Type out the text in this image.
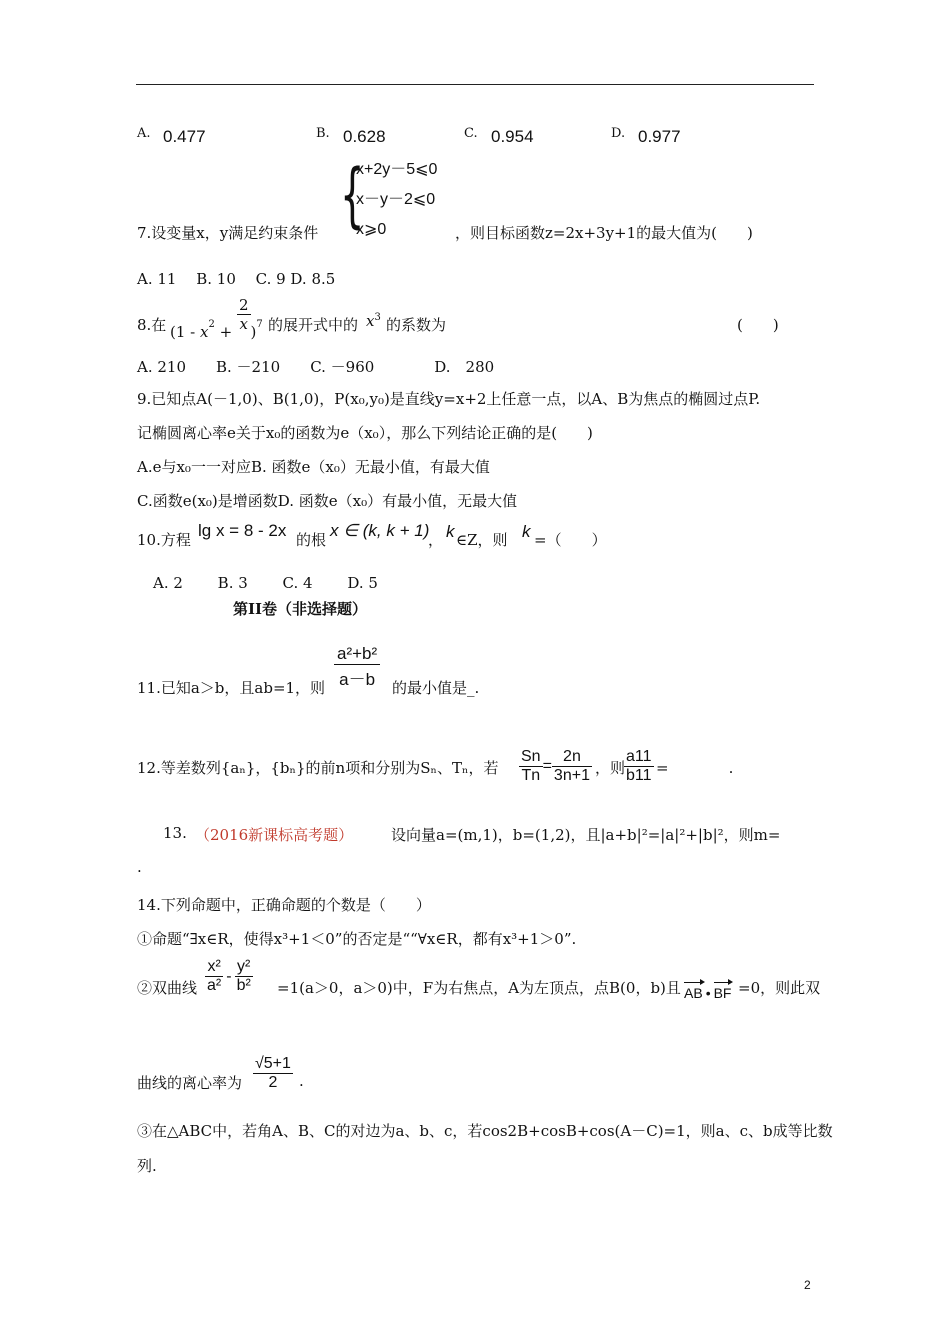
A. 0.477	B. 0.628	C. 0.954	D. 0.977
{
x+2y－5⩽0
x－y－2⩽0
x⩾0
7.设变量x，y满足约束条件	，则目标函数z=2x+3y+1的最大值为(　　)
A. 11　 B. 10　 C. 9 D. 8.5
8.在 $(1 - x^2 + \frac{2}{x} )^7$ 的展开式中的 $x^3$ 的系数为	(　　)
A. 210　　B. －210　　C. －960　　　　D.　280
9.已知点A(－1,0)、B(1,0)，P(x₀,y₀)是直线y=x+2上任意一点，以A、B为焦点的椭圆过点P.
记椭圆离心率e关于x₀的函数为e（x₀），那么下列结论正确的是(　　)
A.e与x₀一一对应B. 函数e（x₀）无最小值，有最大值
C.函数e(x₀)是增函数D. 函数e（x₀）有最小值，无最大值
10.方程 lg x = 8 - 2x 的根 x ∈ (k, k + 1)
， k ∈Z，则 k =（　　）
A. 2　　 B. 3　　 C. 4　　 D. 5
第II卷（非选择题）
11.已知a＞b，且ab=1，则 $\frac{\text{a²+b²}}{a-b}$ 的最小值是_.
12.等差数列{aₙ}，{bₙ}的前n项和分别为Sₙ、Tₙ，若 $\frac{Sn}{Tn} = \frac{2n}{3n+1}$ ，则
$\frac{a11}{b11}$ =　　　　.
13. （2016新课标高考题）	设向量a=(m,1)，b=(1,2)，且|a+b|²=|a|²+|b|²，则m=
.
14.下列命题中，正确命题的个数是（　　）
①命题“∃x∈R，使得x³+1＜0”的否定是““∀x∈R，都有x³+1＞0”.
②双曲线 $\frac{\text{x²}}{\text{a²}} - \frac{\text{y²}}{\text{b²}} =1(a>0$，a＞0)中，F为右焦点，A为左顶点，点B(0，b)且 AB • BF =0，则此双
曲线的离心率为 $\frac{√5+1}{2}$ .
③在△ABC中，若角A、B、C的对边为a、b、c，若cos2B+cosB+cos(A－C)=1，则a、c、b成等比数
列.
2
